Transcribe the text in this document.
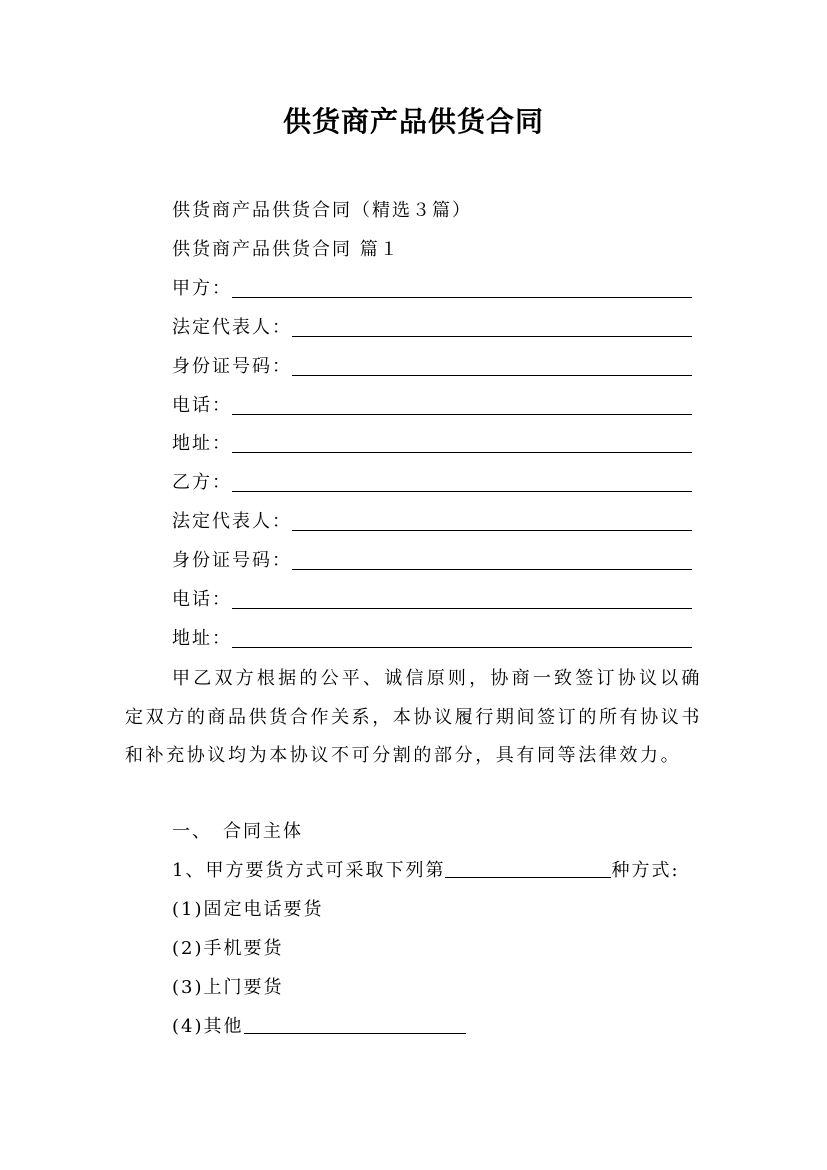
供货商产品供货合同
供货商产品供货合同（精选３篇）
供货商产品供货合同 篇１
甲方：
法定代表人：
身份证号码：
电话：
地址：
乙方：
法定代表人：
身份证号码：
电话：
地址：
甲乙双方根据的公平、诚信原则，协商一致签订协议以确定双方的商品供货合作关系，本协议履行期间签订的所有协议书和补充协议均为本协议不可分割的部分，具有同等法律效力。
一、　合同主体
1、甲方要货方式可采取下列第	种方式:
(1)固定电话要货
(2)手机要货
(3)上门要货
(4)其他
